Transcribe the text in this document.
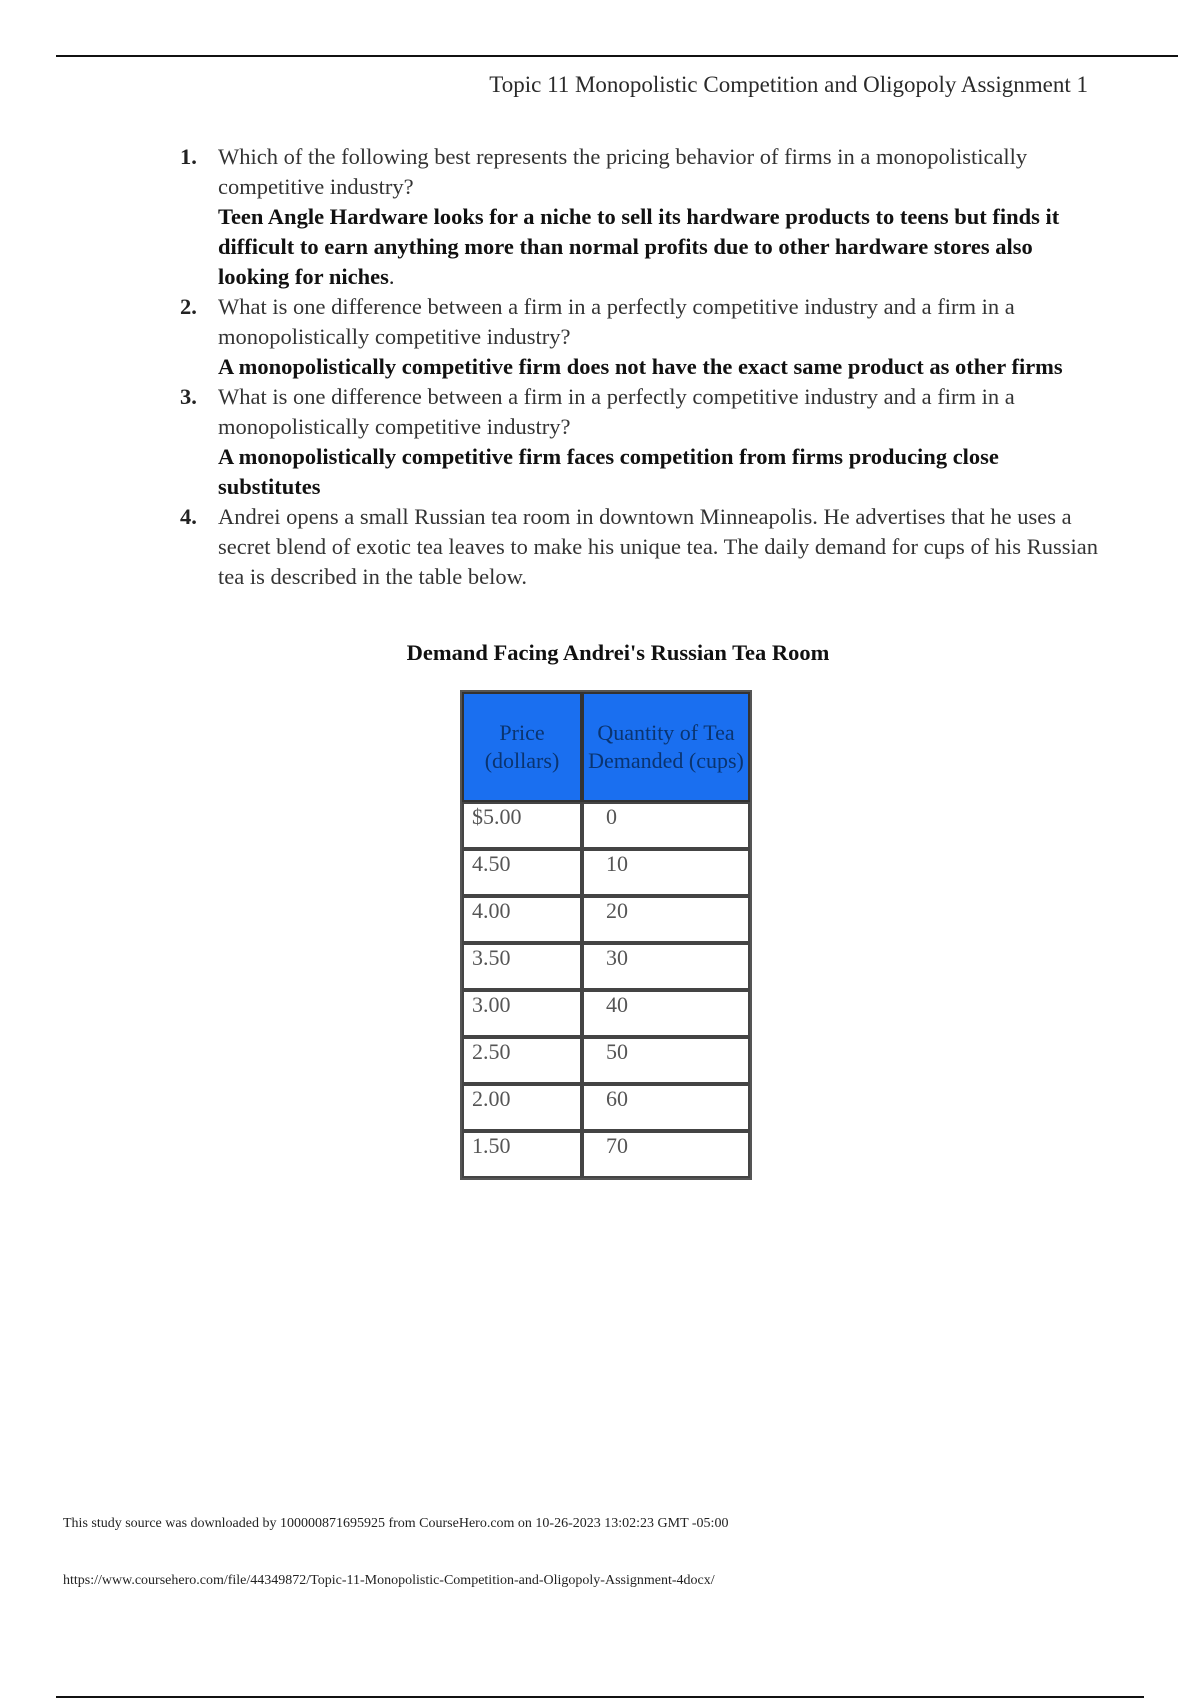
Topic 11 Monopolistic Competition and Oligopoly Assignment 1
1. Which of the following best represents the pricing behavior of firms in a monopolistically competitive industry?
Teen Angle Hardware looks for a niche to sell its hardware products to teens but finds it difficult to earn anything more than normal profits due to other hardware stores also looking for niches.
2. What is one difference between a firm in a perfectly competitive industry and a firm in a monopolistically competitive industry?
A monopolistically competitive firm does not have the exact same product as other firms
3. What is one difference between a firm in a perfectly competitive industry and a firm in a monopolistically competitive industry?
A monopolistically competitive firm faces competition from firms producing close substitutes
4. Andrei opens a small Russian tea room in downtown Minneapolis. He advertises that he uses a secret blend of exotic tea leaves to make his unique tea. The daily demand for cups of his Russian tea is described in the table below.
Demand Facing Andrei's Russian Tea Room
Price (dollars)	Quantity of Tea Demanded (cups)
$5.00	0
4.50	10
4.00	20
3.50	30
3.00	40
2.50	50
2.00	60
1.50	70
This study source was downloaded by 100000871695925 from CourseHero.com on 10-26-2023 13:02:23 GMT -05:00
https://www.coursehero.com/file/44349872/Topic-11-Monopolistic-Competition-and-Oligopoly-Assignment-4docx/
